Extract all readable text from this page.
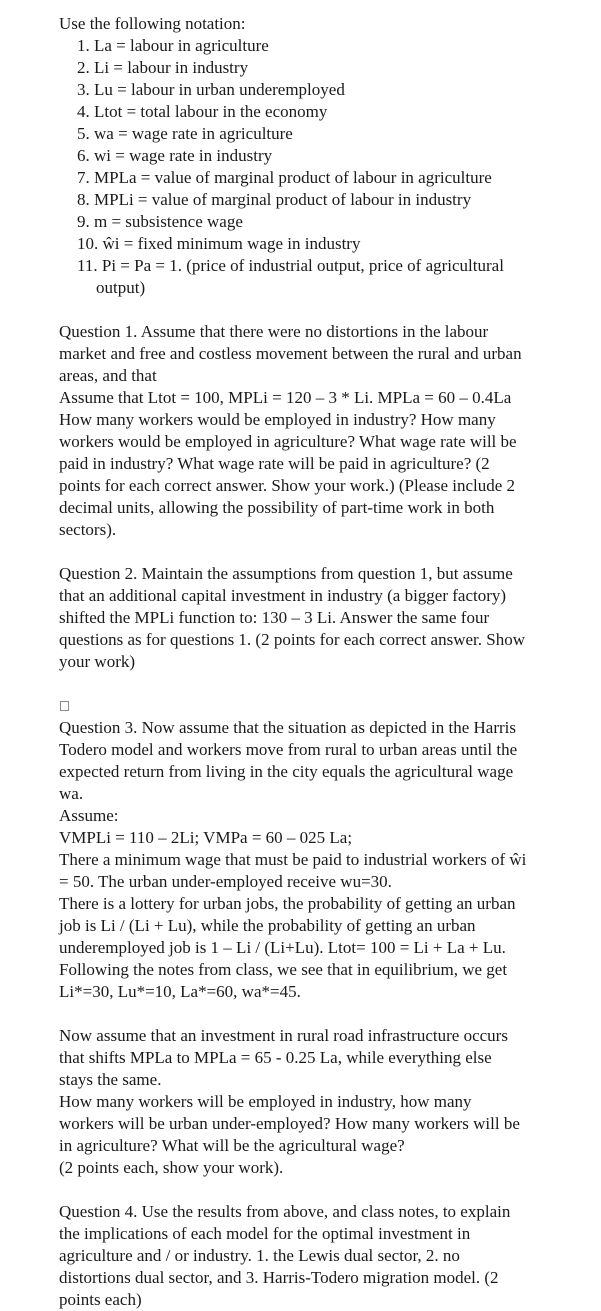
Use the following notation:
1. La = labour in agriculture
2. Li = labour in industry
3. Lu = labour in urban underemployed
4. Ltot = total labour in the economy
5. wa = wage rate in agriculture
6. wi = wage rate in industry
7. MPLa = value of marginal product of labour in agriculture
8. MPLi = value of marginal product of labour in industry
9. m = subsistence wage
10. ŵi = fixed minimum wage in industry
11. Pi = Pa = 1. (price of industrial output, price of agricultural
output)
Question 1. Assume that there were no distortions in the labour
market and free and costless movement between the rural and urban
areas, and that
Assume that Ltot = 100, MPLi = 120 – 3 * Li. MPLa = 60 – 0.4La
How many workers would be employed in industry? How many
workers would be employed in agriculture? What wage rate will be
paid in industry? What wage rate will be paid in agriculture? (2
points for each correct answer. Show your work.) (Please include 2
decimal units, allowing the possibility of part-time work in both
sectors).
Question 2. Maintain the assumptions from question 1, but assume
that an additional capital investment in industry (a bigger factory)
shifted the MPLi function to: 130 – 3 Li. Answer the same four
questions as for questions 1. (2 points for each correct answer. Show
your work)
Question 3. Now assume that the situation as depicted in the Harris
Todero model and workers move from rural to urban areas until the
expected return from living in the city equals the agricultural wage
wa.
Assume:
VMPLi = 110 – 2Li; VMPa = 60 – 025 La;
There a minimum wage that must be paid to industrial workers of ŵi
= 50. The urban under-employed receive wu=30.
There is a lottery for urban jobs, the probability of getting an urban
job is Li / (Li + Lu), while the probability of getting an urban
underemployed job is 1 – Li / (Li+Lu). Ltot= 100 = Li + La + Lu.
Following the notes from class, we see that in equilibrium, we get
Li*=30, Lu*=10, La*=60, wa*=45.
Now assume that an investment in rural road infrastructure occurs
that shifts MPLa to MPLa = 65 - 0.25 La, while everything else
stays the same.
How many workers will be employed in industry, how many
workers will be urban under-employed? How many workers will be
in agriculture? What will be the agricultural wage?
(2 points each, show your work).
Question 4. Use the results from above, and class notes, to explain
the implications of each model for the optimal investment in
agriculture and / or industry. 1. the Lewis dual sector, 2. no
distortions dual sector, and 3. Harris-Todero migration model. (2
points each)
